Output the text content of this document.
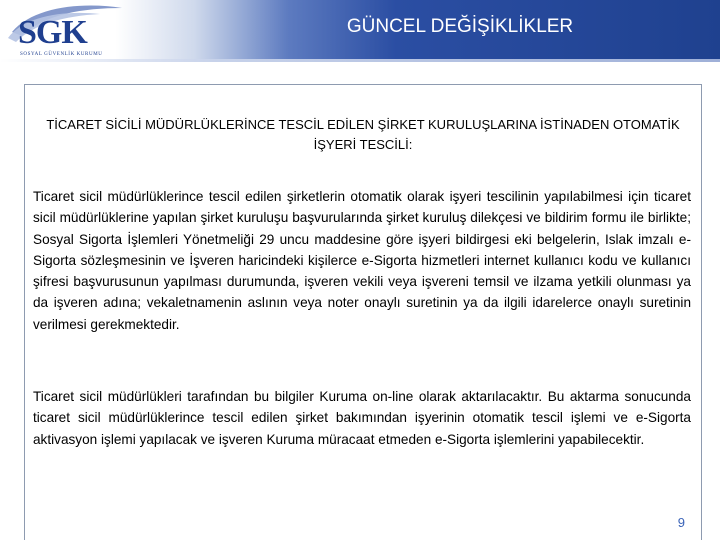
SGK
SOSYAL GÜVENLİK KURUMU
GÜNCEL DEĞİŞİKLİKLER
TİCARET SİCİLİ MÜDÜRLÜKLERİNCE TESCİL EDİLEN ŞİRKET KURULUŞLARINA İSTİNADEN OTOMATİK İŞYERİ TESCİLİ:

Ticaret sicil müdürlüklerince tescil edilen şirketlerin otomatik olarak işyeri tescilinin yapılabilmesi için ticaret sicil müdürlüklerine yapılan şirket kuruluşu başvurularında şirket kuruluş dilekçesi ve bildirim formu ile birlikte; Sosyal Sigorta İşlemleri Yönetmeliği 29 uncu maddesine göre işyeri bildirgesi eki belgelerin, Islak imzalı e-Sigorta sözleşmesinin ve İşveren haricindeki kişilerce e-Sigorta hizmetleri internet kullanıcı kodu ve kullanıcı şifresi başvurusunun yapılması durumunda, işveren vekili veya işvereni temsil ve ilzama yetkili olunması ya da işveren adına; vekaletnamenin aslının veya noter onaylı suretinin ya da ilgili idarelerce onaylı suretinin verilmesi gerekmektedir.

Ticaret sicil müdürlükleri tarafından bu bilgiler Kuruma on-line olarak aktarılacaktır. Bu aktarma sonucunda ticaret sicil müdürlüklerince tescil edilen şirket bakımından işyerinin otomatik tescil işlemi ve e-Sigorta aktivasyon işlemi yapılacak ve işveren Kuruma müracaat etmeden e-Sigorta işlemlerini yapabilecektir.

9
